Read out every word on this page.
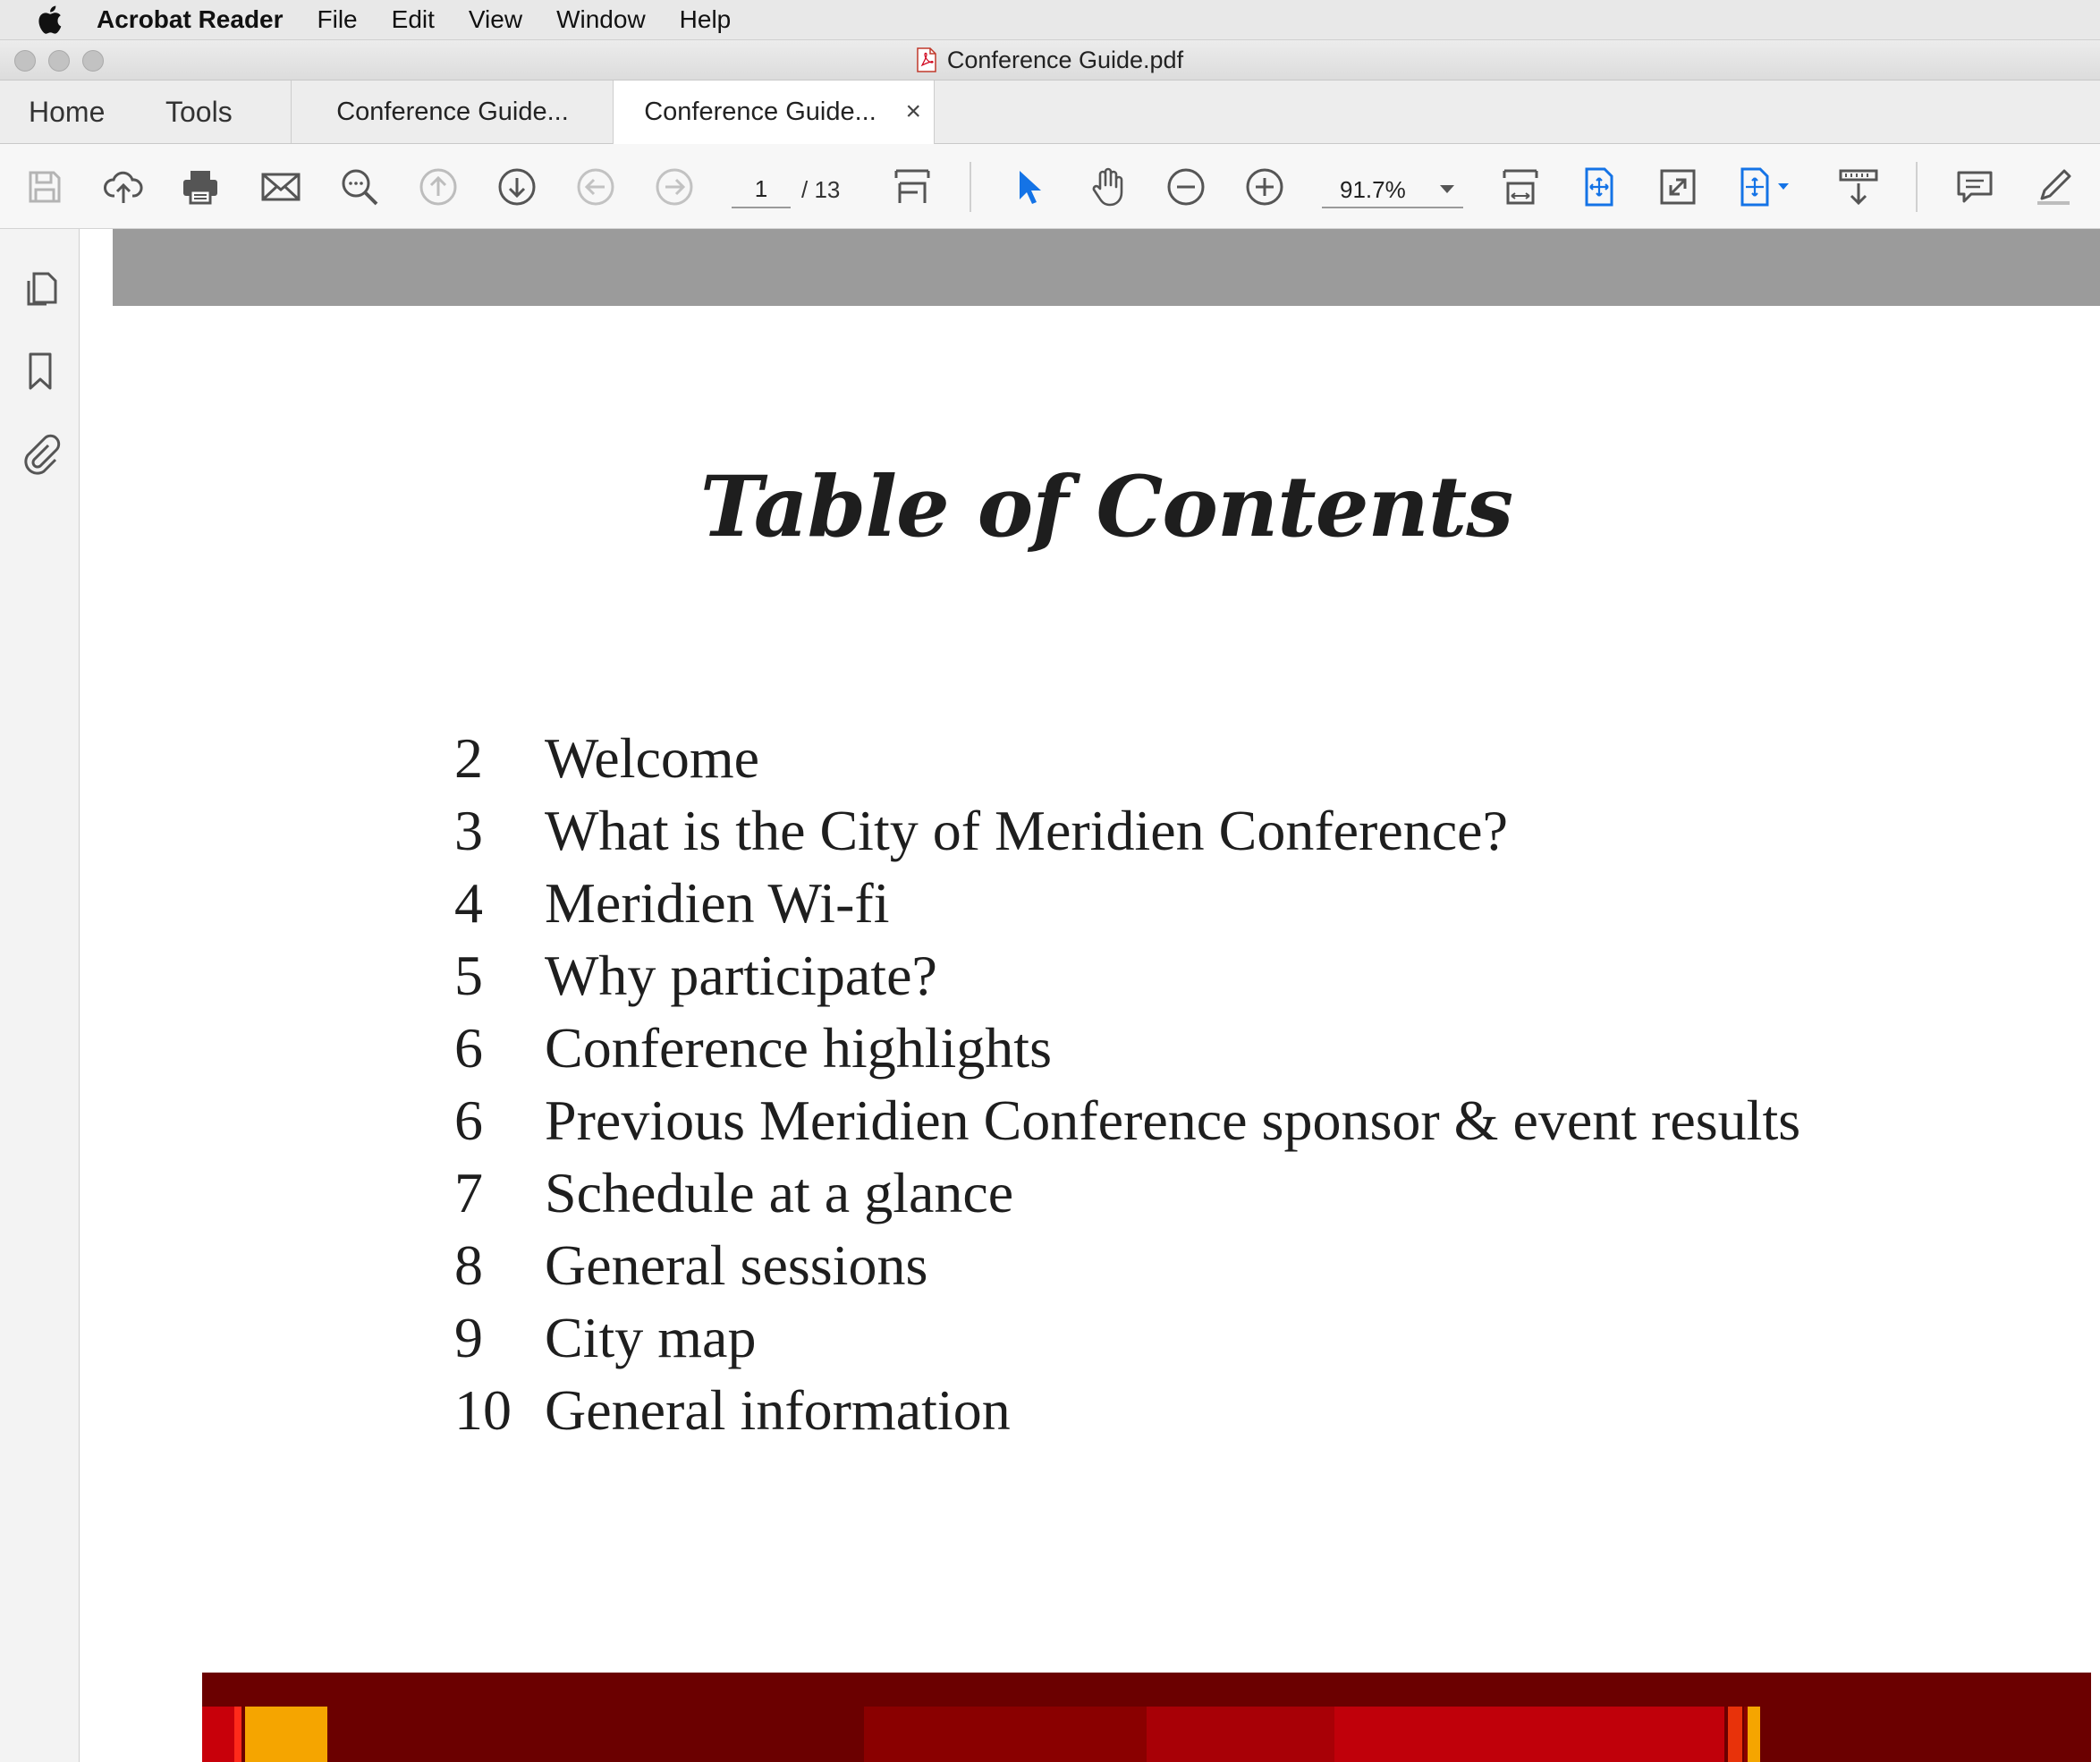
Acrobat Reader File Edit View Window Help
Conference Guide.pdf
Home Tools	Conference Guide...	Conference Guide... ×
1
/ 13	91.7%
Table of Contents
2	Welcome
3	What is the City of Meridien Conference?
4	Meridien Wi-fi
5	Why participate?
6	Conference highlights
6	Previous Meridien Conference sponsor & event results
7	Schedule at a glance
8	General sessions
9	City map
10 General information
